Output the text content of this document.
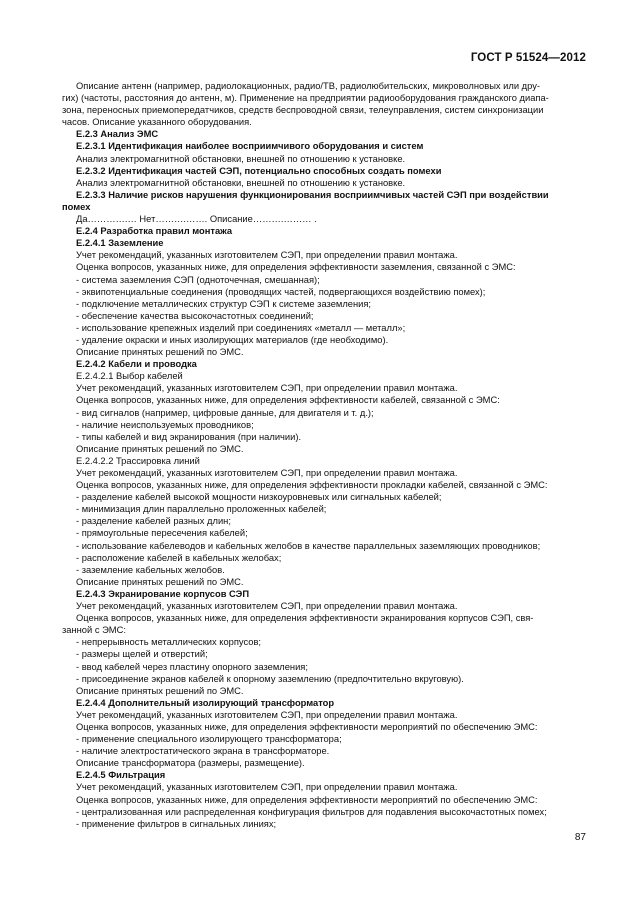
ГОСТ Р 51524—2012

Описание антенн (например, радиолокационных, радио/ТВ, радиолюбительских, микроволновых или дру-

гих) (частоты, расстояния до антенн, м). Применение на предприятии радиооборудования гражданского диапа-

зона, переносных приемопередатчиков, средств беспроводной связи, телеуправления, систем синхронизации

часов. Описание указанного оборудования.

Е.2.3 Анализ ЭМС

Е.2.3.1 Идентификация наиболее восприимчивого оборудования и систем

Анализ электромагнитной обстановки, внешней по отношению к установке.

Е.2.3.2 Идентификация частей СЭП, потенциально способных создать помехи

Анализ электромагнитной обстановки, внешней по отношению к установке.

Е.2.3.3 Наличие рисков нарушения функционирования восприимчивых частей СЭП при воздействии

помех

Да………….… Нет……….……. Описание……….……… .

Е.2.4 Разработка правил монтажа

Е.2.4.1 Заземление

Учет рекомендаций, указанных изготовителем СЭП, при определении правил монтажа.

Оценка вопросов, указанных ниже, для определения эффективности заземления, связанной с ЭМС:

- система заземления СЭП (одноточечная, смешанная);

- эквипотенциальные соединения (проводящих частей, подвергающихся воздействию помех);

- подключение металлических структур СЭП к системе заземления;

- обеспечение качества высокочастотных соединений;

- использование крепежных изделий при соединениях «металл — металл»;

- удаление окраски и иных изолирующих материалов (где необходимо).

Описание принятых решений по ЭМС.

Е.2.4.2 Кабели и проводка

Е.2.4.2.1 Выбор кабелей

Учет рекомендаций, указанных изготовителем СЭП, при определении правил монтажа.

Оценка вопросов, указанных ниже, для определения эффективности кабелей, связанной с ЭМС:

- вид сигналов (например, цифровые данные, для двигателя и т. д.);

- наличие неиспользуемых проводников;

- типы кабелей и вид экранирования (при наличии).

Описание принятых решений по ЭМС.

Е.2.4.2.2 Трассировка линий

Учет рекомендаций, указанных изготовителем СЭП, при определении правил монтажа.

Оценка вопросов, указанных ниже, для определения эффективности прокладки кабелей, связанной с ЭМС:

- разделение кабелей высокой мощности низкоуровневых или сигнальных кабелей;

- минимизация длин параллельно проложенных кабелей;

- разделение кабелей разных длин;

- прямоугольные пересечения кабелей;

- использование кабелеводов и кабельных желобов в качестве параллельных заземляющих проводников;

- расположение кабелей в кабельных желобах;

- заземление кабельных желобов.

Описание принятых решений по ЭМС.

Е.2.4.3 Экранирование корпусов СЭП

Учет рекомендаций, указанных изготовителем СЭП, при определении правил монтажа.

Оценка вопросов, указанных ниже, для определения эффективности экранирования корпусов СЭП, свя-

занной с ЭМС:

- непрерывность металлических корпусов;

- размеры щелей и отверстий;

- ввод кабелей через пластину опорного заземления;

- присоединение экранов кабелей к опорному заземлению (предпочтительно вкруговую).

Описание принятых решений по ЭМС.

Е.2.4.4 Дополнительный изолирующий трансформатор

Учет рекомендаций, указанных изготовителем СЭП, при определении правил монтажа.

Оценка вопросов, указанных ниже, для определения эффективности мероприятий по обеспечению ЭМС:

- применение специального изолирующего трансформатора;

- наличие электростатического экрана в трансформаторе.

Описание трансформатора (размеры, размещение).

Е.2.4.5 Фильтрация

Учет рекомендаций, указанных изготовителем СЭП, при определении правил монтажа.

Оценка вопросов, указанных ниже, для определения эффективности мероприятий по обеспечению ЭМС:

- централизованная или распределенная конфигурация фильтров для подавления высокочастотных помех;

- применение фильтров в сигнальных линиях;

87
